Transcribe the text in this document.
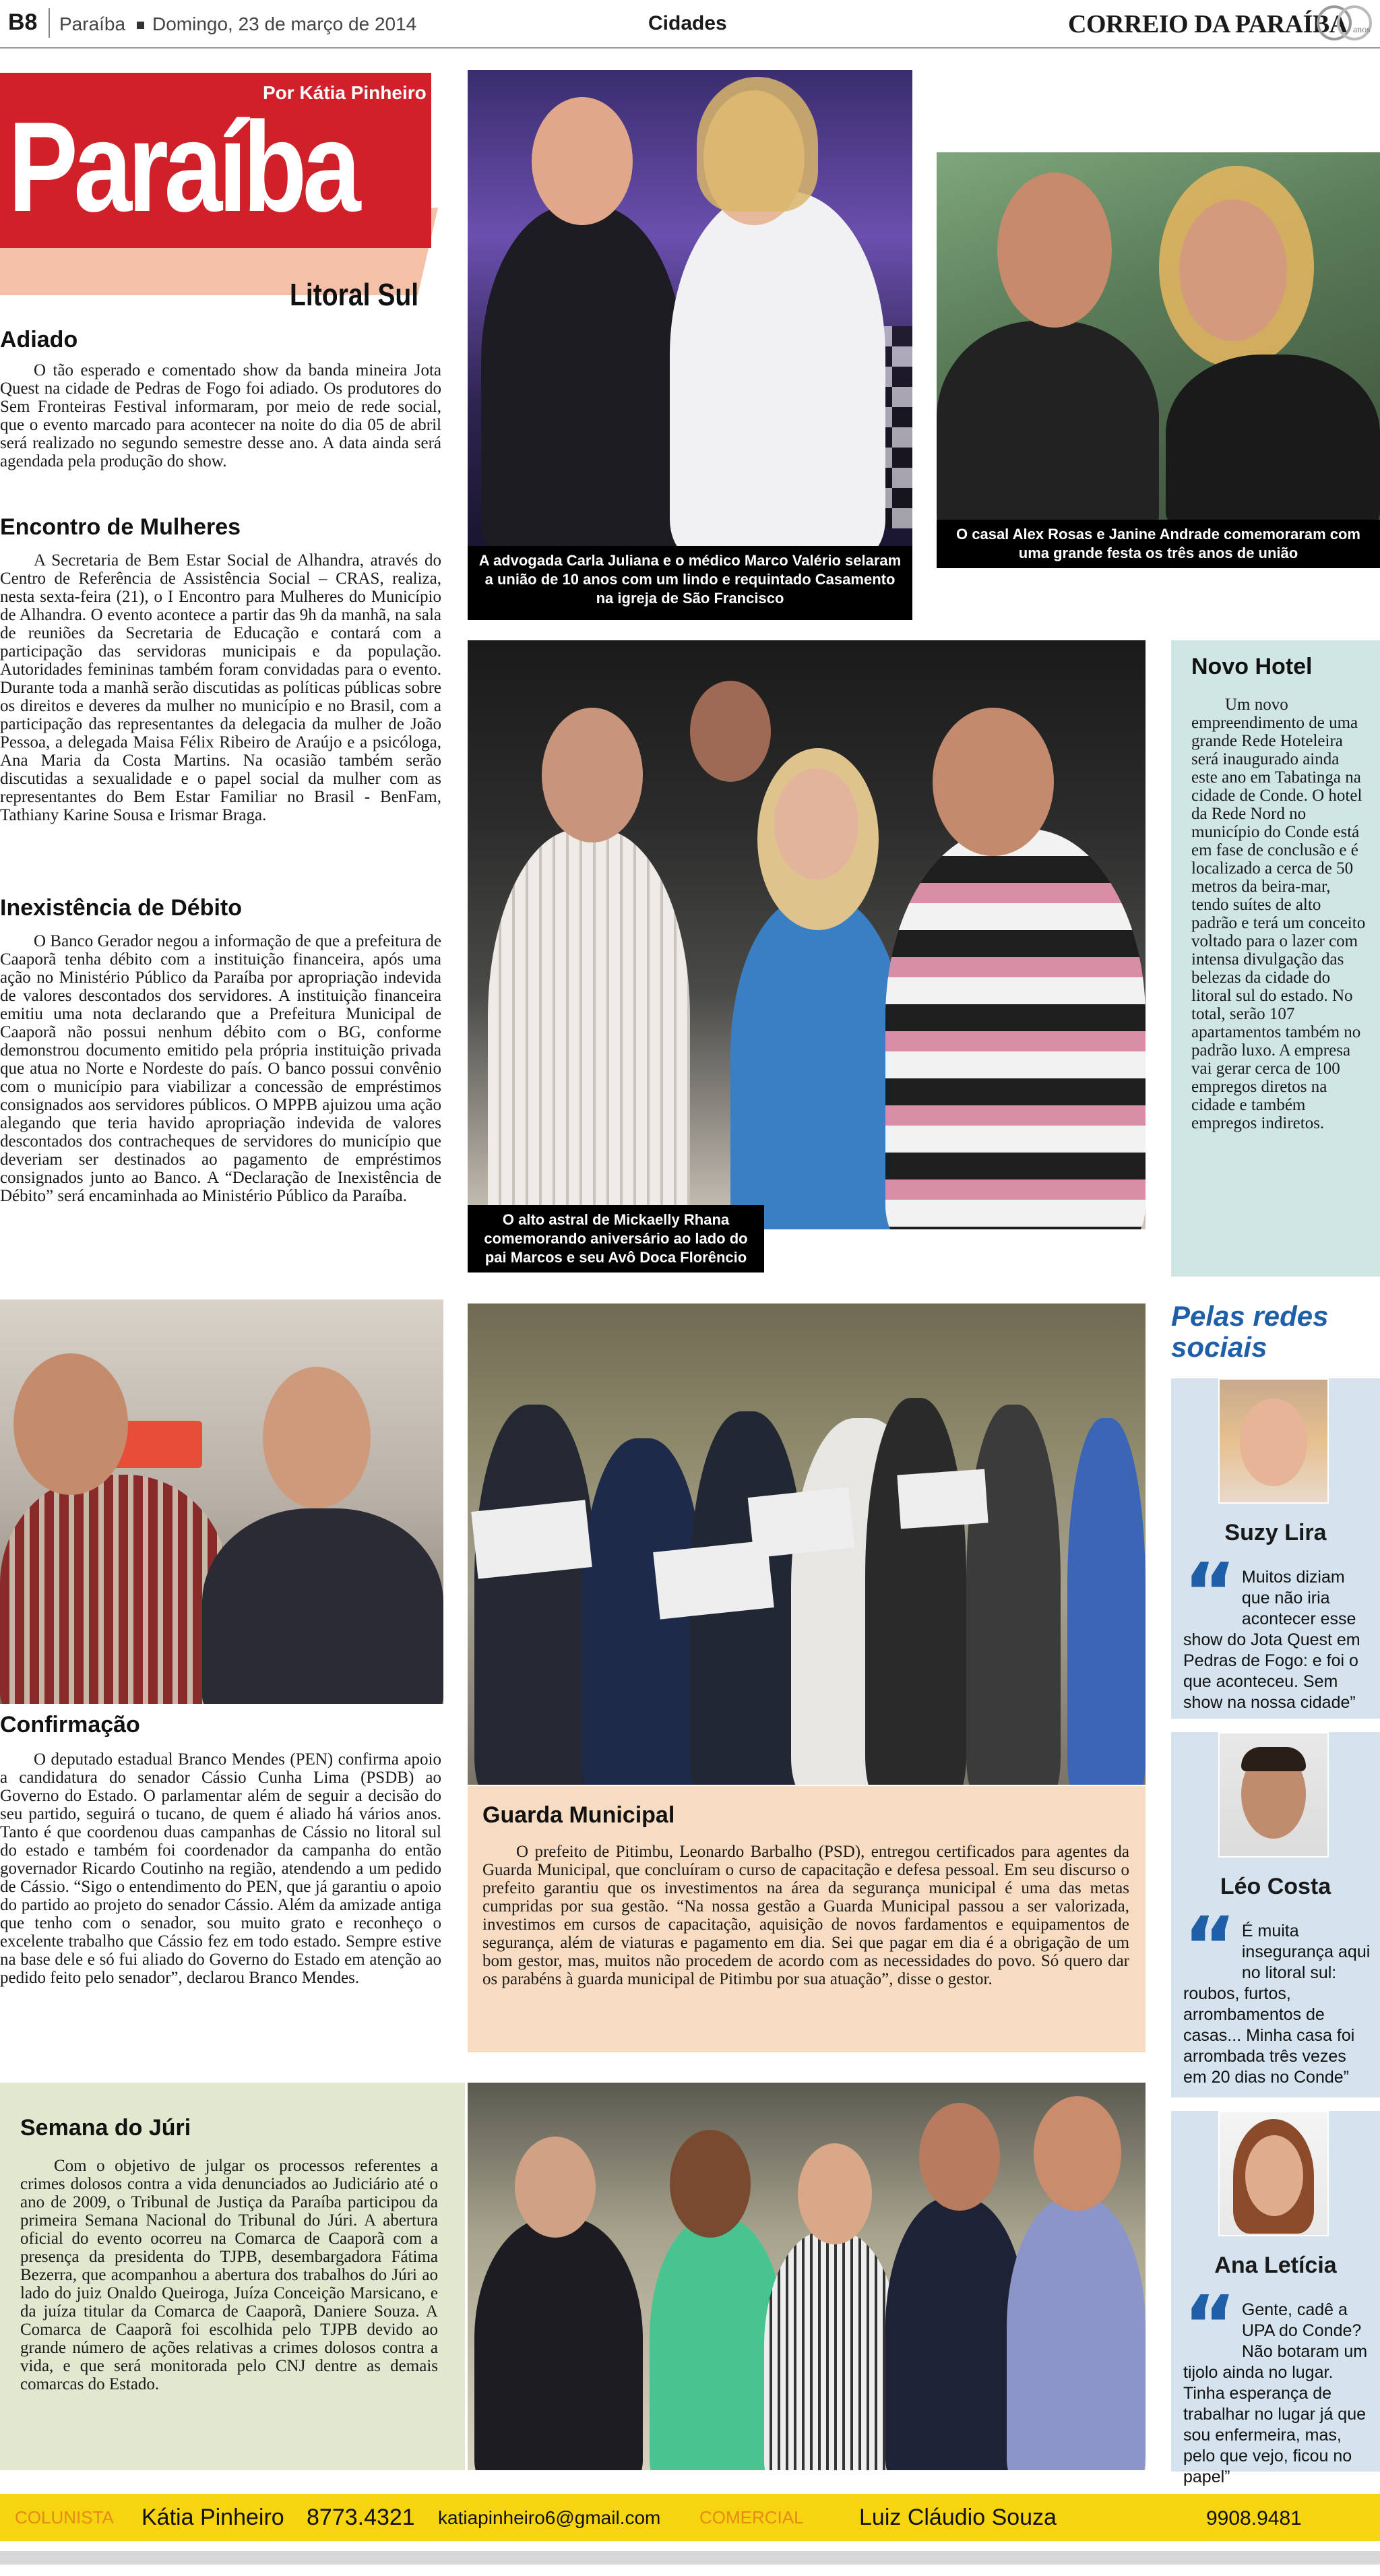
B8 Paraíba Domingo, 23 de março de 2014	Cidades	CORREIO DA PARAÍBA anos
Por Kátia Pinheiro
Paraíba
Litoral Sul
Adiado

O tão esperado e comentado show da banda mineira Jota Quest na cidade de Pedras de Fogo foi adiado. Os produtores do Sem Fronteiras Festival informaram, por meio de rede social, que o evento marcado para acontecer na noite do dia 05 de abril será realizado no segundo semestre desse ano. A data ainda será agendada pela produção do show.

Encontro de Mulheres

A Secretaria de Bem Estar Social de Alhandra, através do Centro de Referência de Assistência Social – CRAS, realiza, nesta sexta-feira (21), o I Encontro para Mulheres do Município de Alhandra. O evento acontece a partir das 9h da manhã, na sala de reuniões da Secretaria de Educação e contará com a participação das servidoras municipais e da população. Autoridades femininas também foram convidadas para o evento. Durante toda a manhã serão discutidas as políticas públicas sobre os direitos e deveres da mulher no município e no Brasil, com a participação das representantes da delegacia da mulher de João Pessoa, a delegada Maisa Félix Ribeiro de Araújo e a psicóloga, Ana Maria da Costa Martins. Na ocasião também serão discutidas a sexualidade e o papel social da mulher com as representantes do Bem Estar Familiar no Brasil - BenFam, Tathiany Karine Sousa e Irismar Braga.

Inexistência de Débito

O Banco Gerador negou a informação de que a prefeitura de Caaporã tenha débito com a instituição financeira, após uma ação no Ministério Público da Paraíba por apropriação indevida de valores descontados dos servidores. A instituição financeira emitiu uma nota declarando que a Prefeitura Municipal de Caaporã não possui nenhum débito com o BG, conforme demonstrou documento emitido pela própria instituição privada que atua no Norte e Nordeste do país. O banco possui convênio com o município para viabilizar a concessão de empréstimos consignados aos servidores públicos. O MPPB ajuizou uma ação alegando que teria havido apropriação indevida de valores descontados dos contracheques de servidores do município que deveriam ser destinados ao pagamento de empréstimos consignados junto ao Banco. A “Declaração de Inexistência de Débito” será encaminhada ao Ministério Público da Paraíba.

Confirmação

O deputado estadual Branco Mendes (PEN) confirma apoio a candidatura do senador Cássio Cunha Lima (PSDB) ao Governo do Estado. O parlamentar além de seguir a decisão do seu partido, seguirá o tucano, de quem é aliado há vários anos. Tanto é que coordenou duas campanhas de Cássio no litoral sul do estado e também foi coordenador da campanha do então governador Ricardo Coutinho na região, atendendo a um pedido de Cássio. “Sigo o entendimento do PEN, que já garantiu o apoio do partido ao projeto do senador Cássio. Além da amizade antiga que tenho com o senador, sou muito grato e reconheço o excelente trabalho que Cássio fez em todo estado. Sempre estive na base dele e só fui aliado do Governo do Estado em atenção ao pedido feito pelo senador”, declarou Branco Mendes.

Semana do Júri

Com o objetivo de julgar os processos referentes a crimes dolosos contra a vida denunciados ao Judiciário até o ano de 2009, o Tribunal de Justiça da Paraíba participou da primeira Semana Nacional do Tribunal do Júri. A abertura oficial do evento ocorreu na Comarca de Caaporã com a presença da presidenta do TJPB, desembargadora Fátima Bezerra, que acompanhou a abertura dos trabalhos do Júri ao lado do juiz Onaldo Queiroga, Juíza Conceição Marsicano, e da juíza titular da Comarca de Caaporã, Daniere Souza. A Comarca de Caaporã foi escolhida pelo TJPB devido ao grande número de ações relativas a crimes dolosos contra a vida, e que será monitorada pelo CNJ dentre as demais comarcas do Estado.

A advogada Carla Juliana e o médico Marco Valério selaram a união de 10 anos com um lindo e requintado Casamento na igreja de São Francisco
O casal Alex Rosas e Janine Andrade comemoraram com uma grande festa os três anos de união
O alto astral de Mickaelly Rhana comemorando aniversário ao lado do pai Marcos e seu Avô Doca Florêncio
Guarda Municipal

O prefeito de Pitimbu, Leonardo Barbalho (PSD), entregou certificados para agentes da Guarda Municipal, que concluíram o curso de capacitação e defesa pessoal. Em seu discurso o prefeito garantiu que os investimentos na área da segurança municipal é uma das metas cumpridas por sua gestão. “Na nossa gestão a Guarda Municipal passou a ser valorizada, investimos em cursos de capacitação, aquisição de novos fardamentos e equipamentos de segurança, além de viaturas e pagamento em dia. Sei que pagar em dia é a obrigação de um bom gestor, mas, muitos não procedem de acordo com as necessidades do povo. Só quero dar os parabéns à guarda municipal de Pitimbu por sua atuação”, disse o gestor.

Novo Hotel

Um novo empreendimento de uma grande Rede Hoteleira será inaugurado ainda este ano em Tabatinga na cidade de Conde. O hotel da Rede Nord no município do Conde está em fase de conclusão e é localizado a cerca de 50 metros da beira-mar, tendo suítes de alto padrão e terá um conceito voltado para o lazer com intensa divulgação das belezas da cidade do litoral sul do estado. No total, serão 107 apartamentos também no padrão luxo. A empresa vai gerar cerca de 100 empregos diretos na cidade e também empregos indiretos.

Pelas redes sociais
Suzy Lira
“ Muitos diziam que não iria acontecer esse show do Jota Quest em Pedras de Fogo: e foi o que aconteceu. Sem show na nossa cidade”
Léo Costa
“ É muita insegurança aqui no litoral sul: roubos, furtos, arrombamentos de casas... Minha casa foi arrombada três vezes em 20 dias no Conde”
Ana Letícia
“ Gente, cadê a UPA do Conde? Não botaram um tijolo ainda no lugar. Tinha esperança de trabalhar no lugar já que sou enfermeira, mas, pelo que vejo, ficou no papel”
COLUNISTA Kátia Pinheiro 8773.4321 katiapinheiro6@gmail.com COMERCIAL Luiz Cláudio Souza	9908.9481
